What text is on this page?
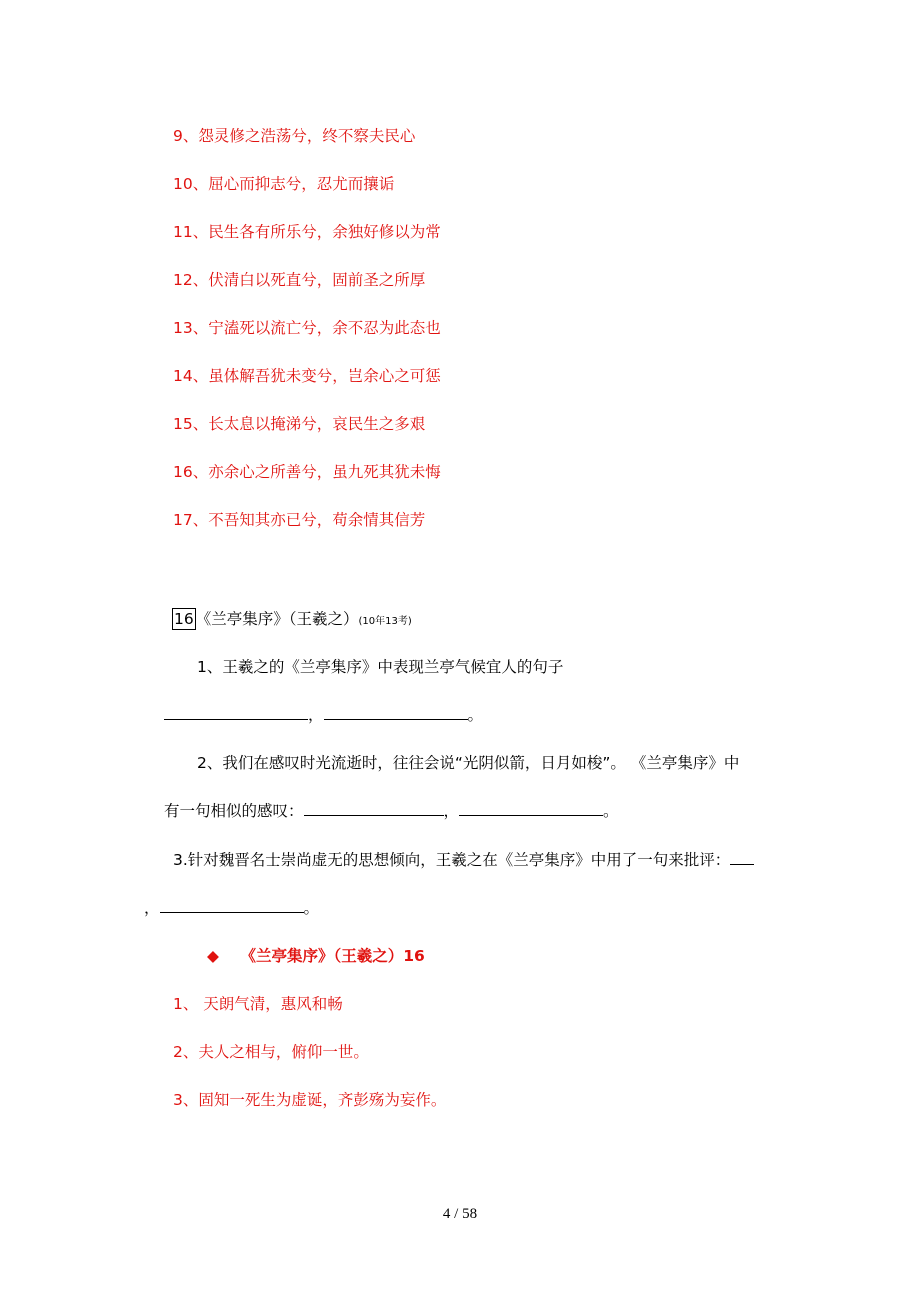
9、怨灵修之浩荡兮，终不察夫民心
10、屈心而抑志兮，忍尤而攘诟
11、民生各有所乐兮，余独好修以为常
12、伏清白以死直兮，固前圣之所厚
13、宁溘死以流亡兮，余不忍为此态也
14、虽体解吾犹未变兮，岂余心之可惩
15、长太息以掩涕兮，哀民生之多艰
16、亦余心之所善兮，虽九死其犹未悔
17、不吾知其亦已兮，苟余情其信芳
16 《兰亭集序》（王羲之）(10年13考)
1、王羲之的《兰亭集序》中表现兰亭气候宜人的句子
，	。
2、我们在感叹时光流逝时，往往会说“光阴似箭，日月如梭”。 《兰亭集序》中
有一句相似的感叹：	，	。
3.针对魏晋名士崇尚虚无的思想倾向，王羲之在《兰亭集序》中用了一句来批评：
，	。
◆ 《兰亭集序》（王羲之）16
1、 天朗气清，惠风和畅
2、夫人之相与，俯仰一世。
3、固知一死生为虚诞，齐彭殇为妄作。
4 / 58
